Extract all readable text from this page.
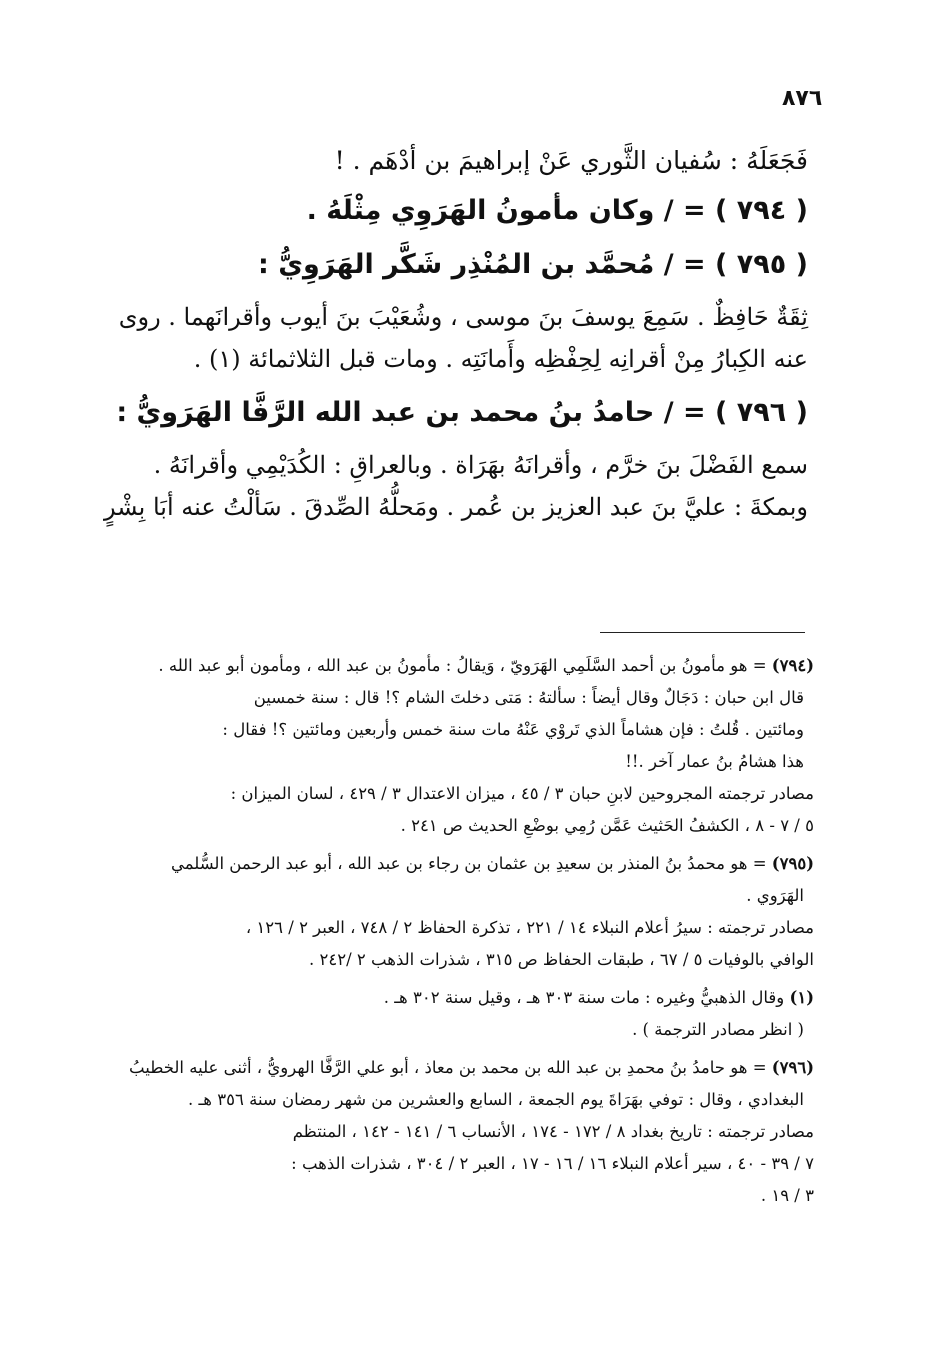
٨٧٦

فَجَعَلَهُ : سُفيان الثَّوري عَنْ إبراهيمَ بن أدْهَم . !

( ٧٩٤ ) = / وكان مأمونُ الهَرَوِي مِثْلَهُ .

( ٧٩٥ ) = / مُحمَّد بن المُنْذِر شَكَّر الهَرَوِيُّ :

ثِقَةٌ حَافِظٌ . سَمِعَ يوسفَ بنَ موسى ، وشُعَيْبَ بنَ أيوب وأقرانَهما . روى
عنه الكِبارُ مِنْ أقرانِه لِحِفْظِه وأَمانَتِه . ومات قبل الثلاثمائة (١) .

( ٧٩٦ ) = / حامدُ بنُ محمد بن عبد الله الرَّفَّا الهَرَويُّ :

سمع الفَضْلَ بنَ خرَّم ، وأقرانَهُ بهَرَاة . وبالعراقِ : الكُدَيْمِي وأقرانَهُ .
وبمكةَ : عليَّ بنَ عبد العزيز بن عُمر . ومَحلُّهُ الصِّدقَ . سَألْتُ عنه أبَا بِشْرٍ

(٧٩٤) = هو مأمونُ بن أحمد السَّلَمِي الهَرَويّ ، وَيقالُ : مأمونُ بن عبد الله ، ومأمون أبو عبد الله .
قال ابن حبان : دَجَالٌ وقال أيضاً : سألتهُ : مَتى دخلتَ الشام ؟! قال : سنة خمسين
ومائتين . قُلتُ : فإن هشاماً الذي تَروْي عَنْهُ مات سنة خمس وأربعين ومائتين ؟! فقال :
هذا هشامُ بنُ عمار آخر .!!
مصادر ترجمته المجروحين لابنِ حبان ٣ / ٤٥ ، ميزان الاعتدال ٣ / ٤٢٩ ، لسان الميزان :
٥ / ٧ - ٨ ، الكشفُ الحَثيث عَمَّن رُمِي بوضْعِ الحديث ص ٢٤١ .
(٧٩٥) = هو محمدُ بنُ المنذر بن سعيدِ بن عثمان بن رجاء بن عبد الله ، أبو عبد الرحمن السُّلمي
الهَرَوي .
مصادر ترجمته : سيرُ أعلام النبلاء ١٤ / ٢٢١ ، تذكرة الحفاظ ٢ / ٧٤٨ ، العبر ٢ / ١٢٦ ،
الوافي بالوفيات ٥ / ٦٧ ، طبقات الحفاظ ص ٣١٥ ، شذرات الذهب ٢ /٢٤٢ .
(١) وقال الذهبيُّ وغيره : مات سنة ٣٠٣ هـ ، وقيل سنة ٣٠٢ هـ .
( انظر مصادر الترجمة ) .
(٧٩٦) = هو حامدُ بنُ محمدِ بن عبد الله بن محمد بن معاذ ، أبو علي الرَّفَّا الهرويُّ ، أثنى عليه الخطيبُ
البغدادي ، وقال : توفي بهَرَاةَ يوم الجمعة ، السابع والعشرين من شهر رمضان سنة ٣٥٦ هـ .
مصادر ترجمته : تاريخ بغداد ٨ / ١٧٢ - ١٧٤ ، الأنساب ٦ / ١٤١ - ١٤٢ ، المنتظم
٧ / ٣٩ - ٤٠ ، سير أعلام النبلاء ١٦ / ١٦ - ١٧ ، العبر ٢ / ٣٠٤ ، شذرات الذهب :
٣ / ١٩ .
